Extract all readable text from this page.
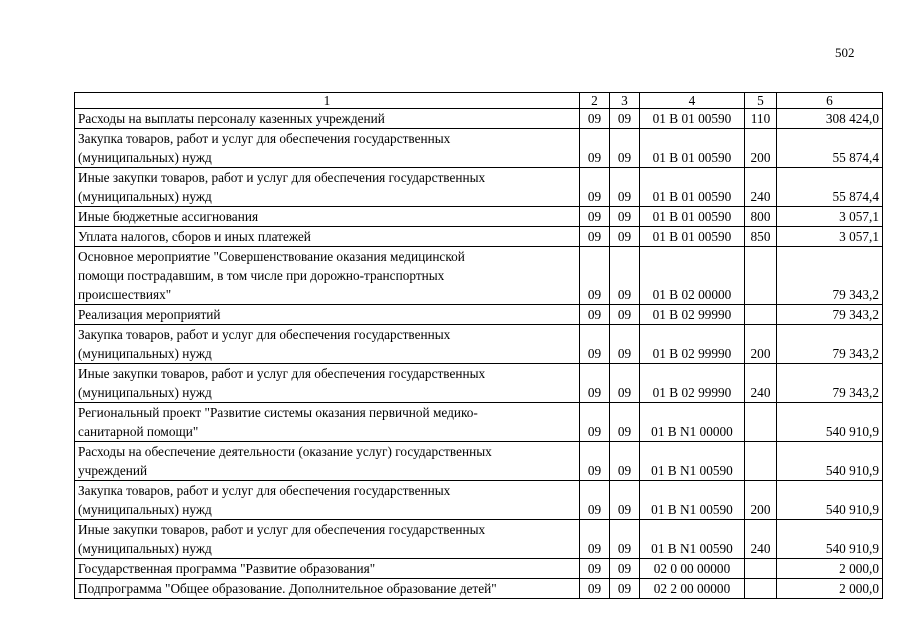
502
1	2	3	4	5	6
Расходы на выплаты персоналу казенных учреждений	09	09	01 В 01 00590	110	308 424,0
Закупка товаров, работ и услуг для обеспечения государственных
(муниципальных) нужд	09	09	01 В 01 00590	200	55 874,4
Иные закупки товаров, работ и услуг для обеспечения государственных
(муниципальных) нужд	09	09	01 В 01 00590	240	55 874,4
Иные бюджетные ассигнования	09	09	01 В 01 00590	800	3 057,1
Уплата налогов, сборов и иных платежей	09	09	01 В 01 00590	850	3 057,1
Основное мероприятие "Совершенствование оказания медицинской
помощи пострадавшим, в том числе при дорожно-транспортных
происшествиях"	09	09	01 В 02 00000		79 343,2
Реализация мероприятий	09	09	01 В 02 99990		79 343,2
Закупка товаров, работ и услуг для обеспечения государственных
(муниципальных) нужд	09	09	01 В 02 99990	200	79 343,2
Иные закупки товаров, работ и услуг для обеспечения государственных
(муниципальных) нужд	09	09	01 В 02 99990	240	79 343,2
Региональный проект "Развитие системы оказания первичной медико-
санитарной помощи"	09	09	01 В N1 00000		540 910,9
Расходы на обеспечение деятельности (оказание услуг) государственных
учреждений	09	09	01 В N1 00590		540 910,9
Закупка товаров, работ и услуг для обеспечения государственных
(муниципальных) нужд	09	09	01 В N1 00590	200	540 910,9
Иные закупки товаров, работ и услуг для обеспечения государственных
(муниципальных) нужд	09	09	01 В N1 00590	240	540 910,9
Государственная программа "Развитие образования"	09	09	02 0 00 00000		2 000,0
Подпрограмма "Общее образование. Дополнительное образование детей"	09	09	02 2 00 00000		2 000,0
